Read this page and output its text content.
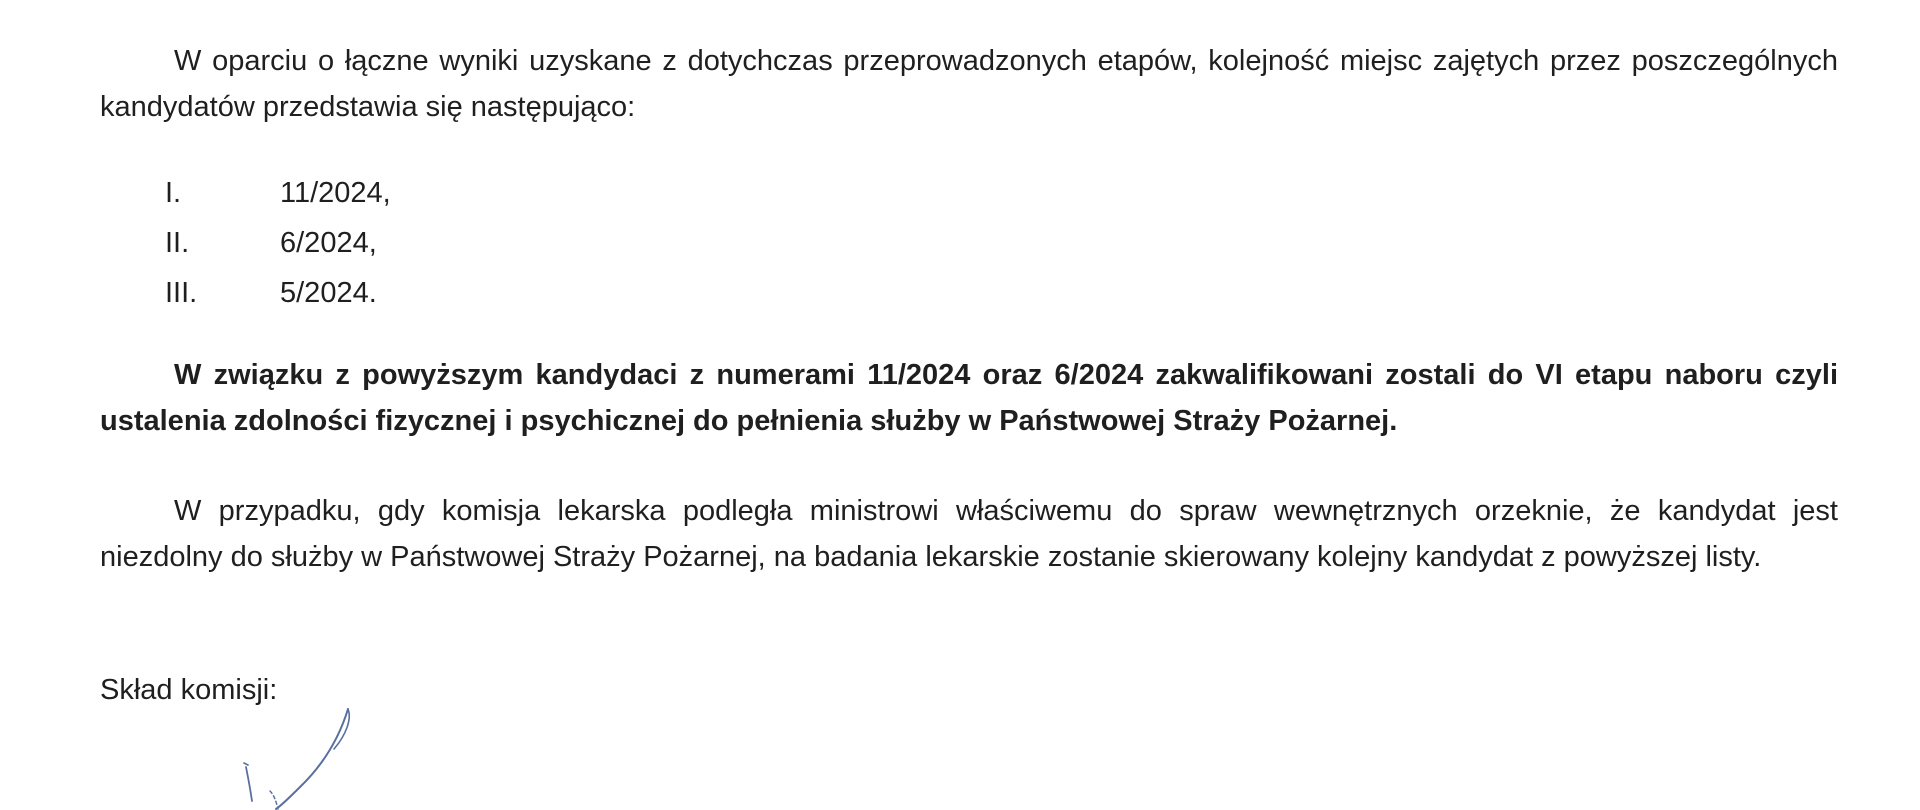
W oparciu o łączne wyniki uzyskane z dotychczas przeprowadzonych etapów, kolejność miejsc zajętych przez poszczególnych kandydatów przedstawia się następująco:

I.	11/2024,
II.	6/2024,
III.	5/2024.

W związku z powyższym kandydaci z numerami 11/2024 oraz 6/2024 zakwalifikowani zostali do VI etapu naboru czyli ustalenia zdolności fizycznej i psychicznej do pełnienia służby w Państwowej Straży Pożarnej.

W przypadku, gdy komisja lekarska podległa ministrowi właściwemu do spraw wewnętrznych orzeknie, że kandydat jest niezdolny do służby w Państwowej Straży Pożarnej, na badania lekarskie zostanie skierowany kolejny kandydat z powyższej listy.

Skład komisji:
